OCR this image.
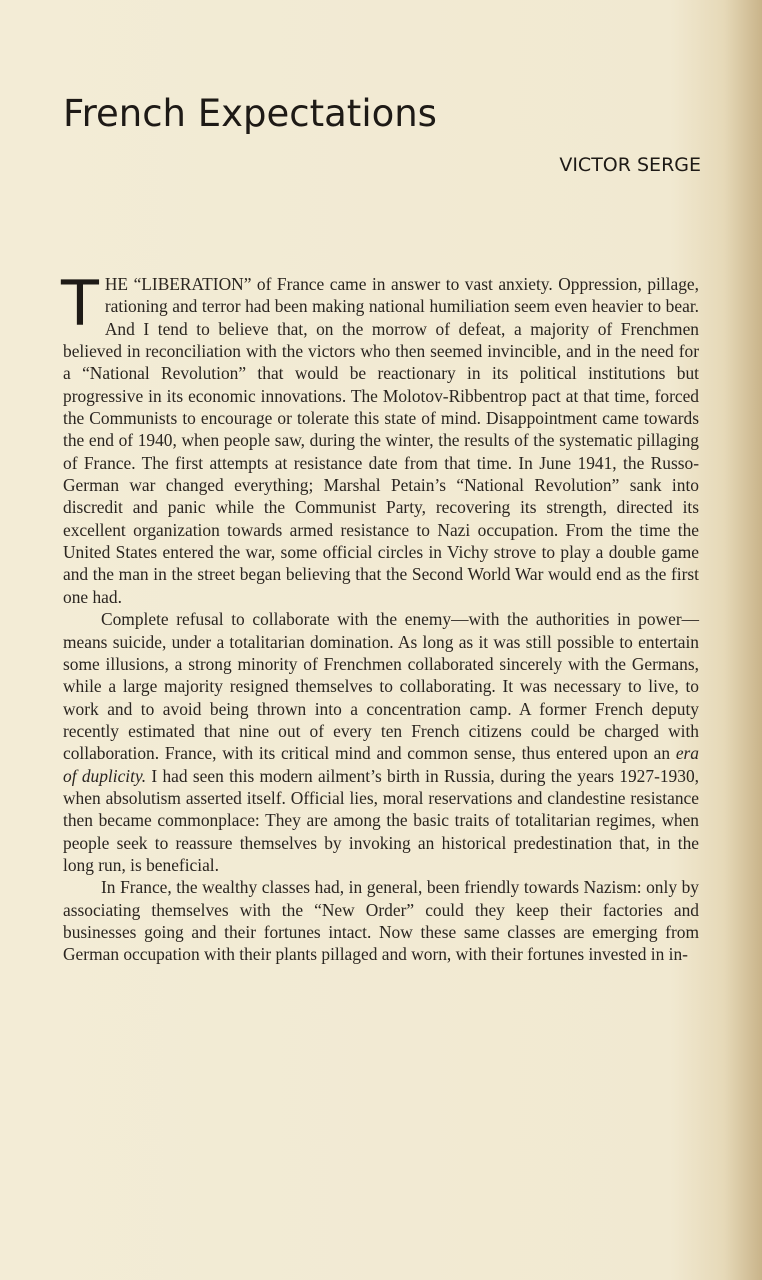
French Expectations
VICTOR SERGE

THE “LIBERATION” of France came in answer to vast anxiety. Oppression, pillage, rationing and terror had been making national humiliation seem even heavier to bear. And I tend to believe that, on the morrow of defeat, a majority of Frenchmen believed in reconciliation with the victors who then seemed invincible, and in the need for a “National Revolution” that would be reactionary in its political institutions but progressive in its economic innovations. The Molotov-Ribbentrop pact at that time, forced the Communists to encourage or tolerate this state of mind. Disappointment came towards the end of 1940, when people saw, during the winter, the results of the systematic pillaging of France. The first attempts at resistance date from that time. In June 1941, the Russo-German war changed everything; Marshal Petain’s “National Revolution” sank into discredit and panic while the Communist Party, recovering its strength, directed its excellent organization towards armed resistance to Nazi occupation. From the time the United States entered the war, some official circles in Vichy strove to play a double game and the man in the street began believing that the Second World War would end as the first one had.

Complete refusal to collaborate with the enemy—with the authorities in power—means suicide, under a totalitarian domination. As long as it was still possible to entertain some illusions, a strong minority of Frenchmen collaborated sincerely with the Germans, while a large majority resigned themselves to collaborating. It was necessary to live, to work and to avoid being thrown into a concentration camp. A former French deputy recently estimated that nine out of every ten French citizens could be charged with collaboration. France, with its critical mind and common sense, thus entered upon an era of duplicity. I had seen this modern ailment’s birth in Russia, during the years 1927-1930, when absolutism asserted itself. Official lies, moral reservations and clandestine resistance then became commonplace: They are among the basic traits of totalitarian regimes, when people seek to reassure themselves by invoking an historical predestination that, in the long run, is beneficial.

In France, the wealthy classes had, in general, been friendly towards Nazism: only by associating themselves with the “New Order” could they keep their factories and businesses going and their fortunes intact. Now these same classes are emerging from German occupation with their plants pillaged and worn, with their fortunes invested in in-
